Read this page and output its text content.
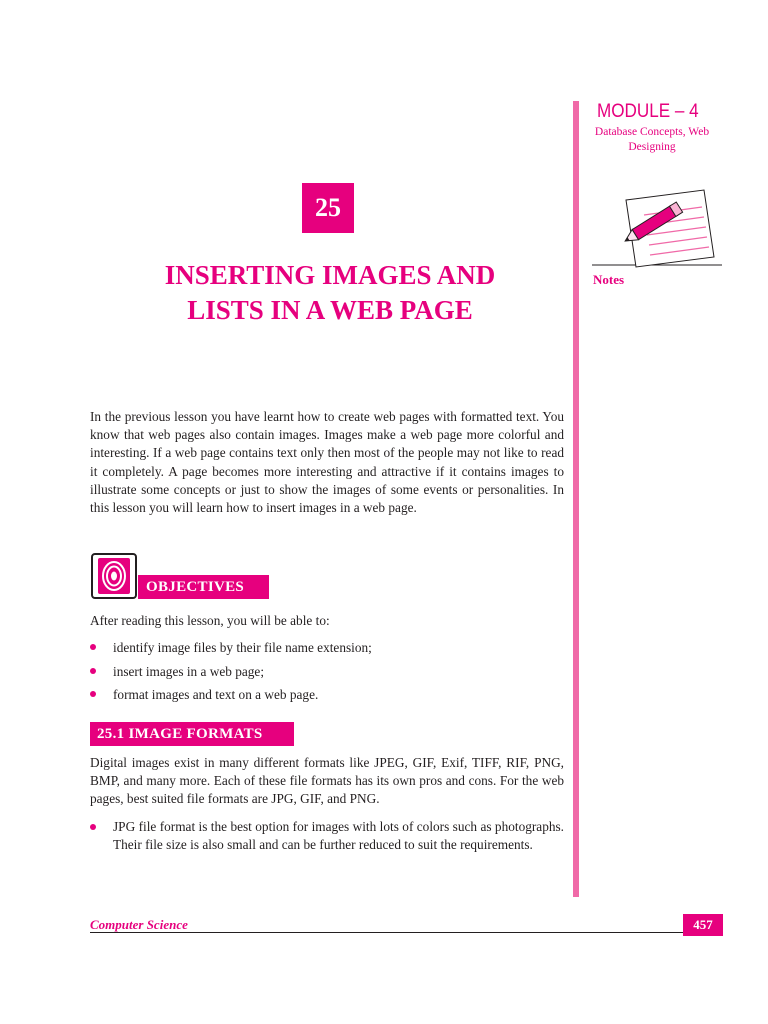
MODULE – 4
Database Concepts, Web Designing
Notes
25
INSERTING IMAGES AND
LISTS IN A WEB PAGE

In the previous lesson you have learnt how to create web pages with formatted text. You know that web pages also contain images. Images make a web page more colorful and interesting. If a web page contains text only then most of the people may not like to read it completely. A page becomes more interesting and attractive if it contains images to illustrate some concepts or just to show the images of some events or personalities. In this lesson you will learn how to insert images in a web page.

OBJECTIVES

After reading this lesson, you will be able to:

identify image files by their file name extension;
insert images in a web page;
format images and text on a web page.
25.1 IMAGE FORMATS

Digital images exist in many different formats like JPEG, GIF, Exif, TIFF, RIF, PNG, BMP, and many more. Each of these file formats has its own pros and cons. For the web pages, best suited file formats are JPG, GIF, and PNG.

JPG file format is the best option for images with lots of colors such as photographs. Their file size is also small and can be further reduced to suit the requirements.

Computer Science	457
